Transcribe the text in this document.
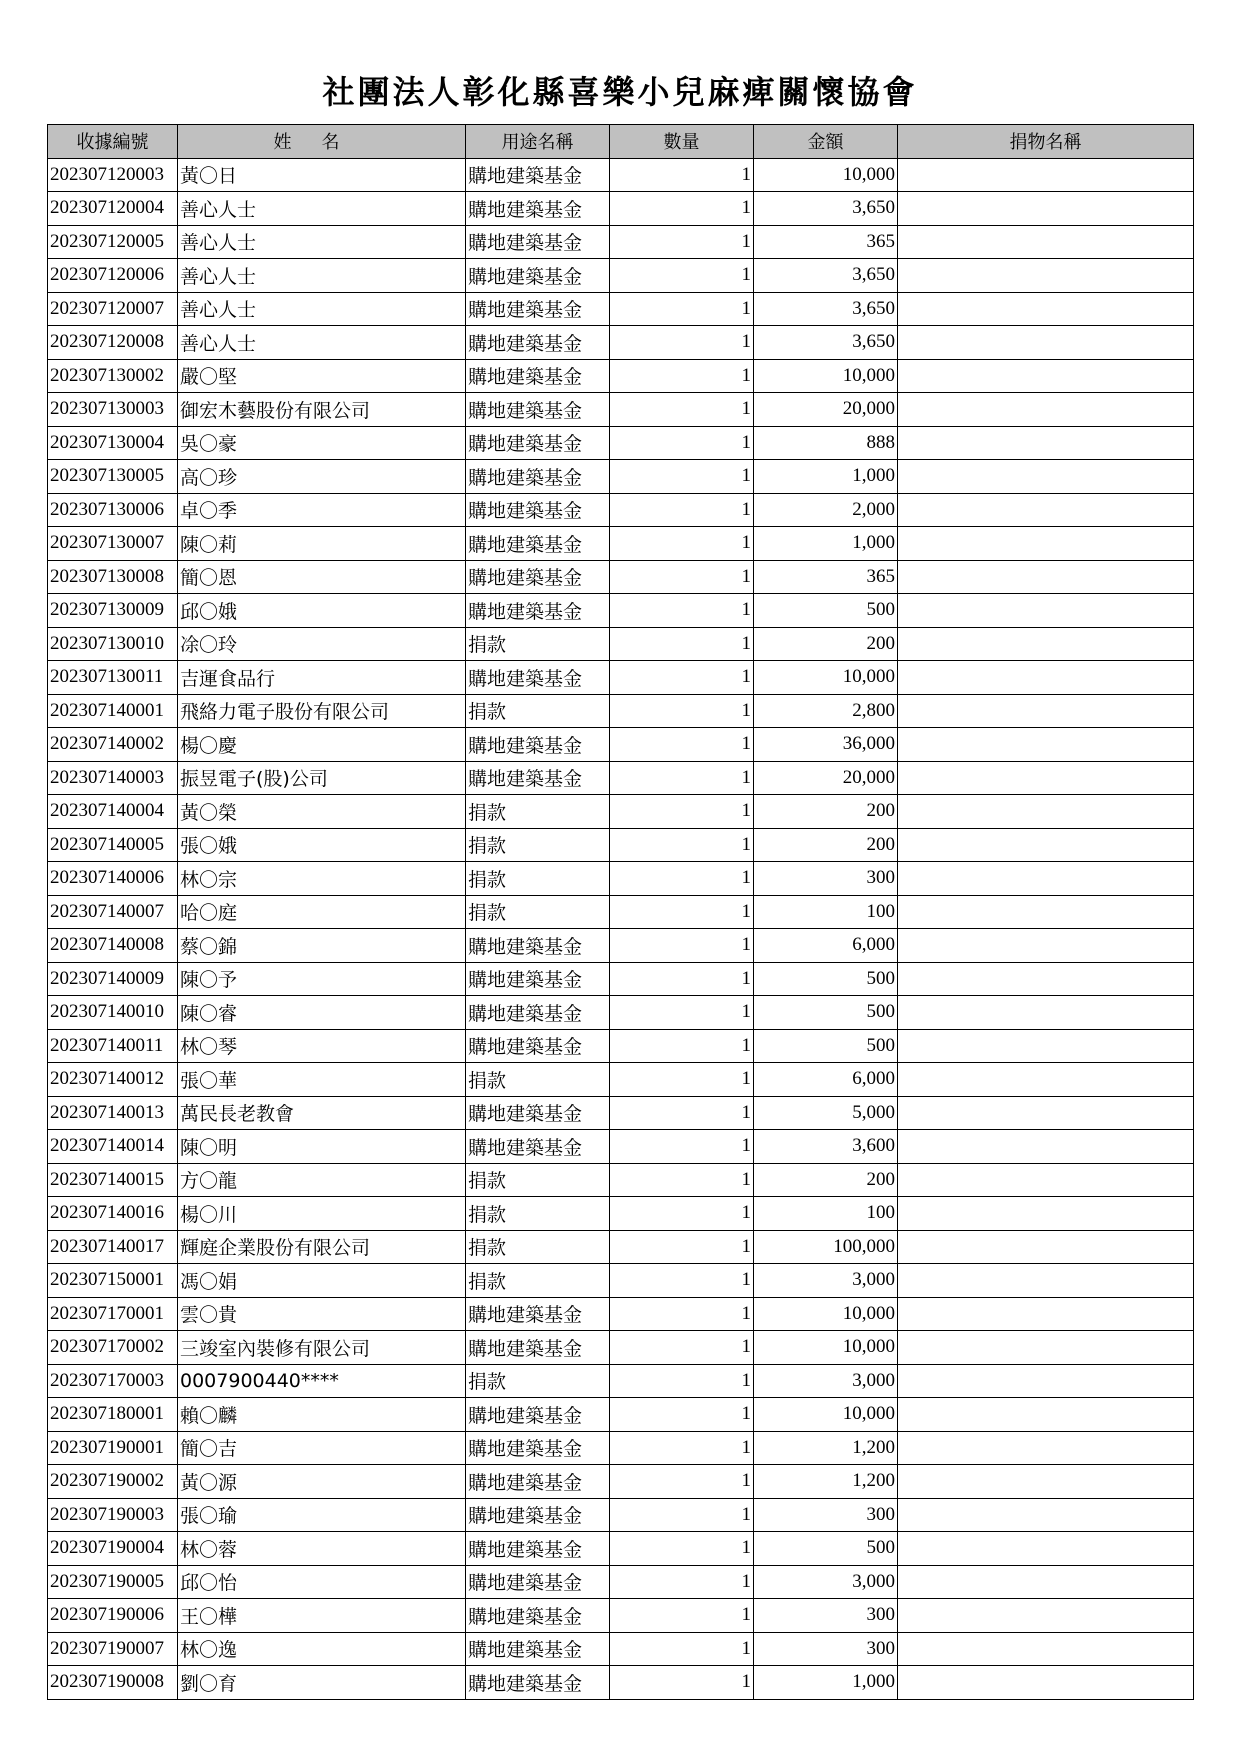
社團法人彰化縣喜樂小兒麻痺關懷協會
收據編號	姓名	用途名稱	數量	金額	捐物名稱
202307120003	黃〇日	購地建築基金	1	10,000	
202307120004	善心人士	購地建築基金	1	3,650	
202307120005	善心人士	購地建築基金	1	365	
202307120006	善心人士	購地建築基金	1	3,650	
202307120007	善心人士	購地建築基金	1	3,650	
202307120008	善心人士	購地建築基金	1	3,650	
202307130002	嚴〇堅	購地建築基金	1	10,000	
202307130003	御宏木藝股份有限公司	購地建築基金	1	20,000	
202307130004	吳〇豪	購地建築基金	1	888	
202307130005	高〇珍	購地建築基金	1	1,000	
202307130006	卓〇季	購地建築基金	1	2,000	
202307130007	陳〇莉	購地建築基金	1	1,000	
202307130008	簡〇恩	購地建築基金	1	365	
202307130009	邱〇娥	購地建築基金	1	500	
202307130010	凃〇玲	捐款	1	200	
202307130011	吉運食品行	購地建築基金	1	10,000	
202307140001	飛絡力電子股份有限公司	捐款	1	2,800	
202307140002	楊〇慶	購地建築基金	1	36,000	
202307140003	振昱電子(股)公司	購地建築基金	1	20,000	
202307140004	黃〇榮	捐款	1	200	
202307140005	張〇娥	捐款	1	200	
202307140006	林〇宗	捐款	1	300	
202307140007	哈〇庭	捐款	1	100	
202307140008	蔡〇錦	購地建築基金	1	6,000	
202307140009	陳〇予	購地建築基金	1	500	
202307140010	陳〇睿	購地建築基金	1	500	
202307140011	林〇琴	購地建築基金	1	500	
202307140012	張〇華	捐款	1	6,000	
202307140013	萬民長老教會	購地建築基金	1	5,000	
202307140014	陳〇明	購地建築基金	1	3,600	
202307140015	方〇龍	捐款	1	200	
202307140016	楊〇川	捐款	1	100	
202307140017	輝庭企業股份有限公司	捐款	1	100,000	
202307150001	馮〇娟	捐款	1	3,000	
202307170001	雲〇貴	購地建築基金	1	10,000	
202307170002	三竣室內裝修有限公司	購地建築基金	1	10,000	
202307170003	0007900440****	捐款	1	3,000	
202307180001	賴〇麟	購地建築基金	1	10,000	
202307190001	簡〇吉	購地建築基金	1	1,200	
202307190002	黃〇源	購地建築基金	1	1,200	
202307190003	張〇瑜	購地建築基金	1	300	
202307190004	林〇蓉	購地建築基金	1	500	
202307190005	邱〇怡	購地建築基金	1	3,000	
202307190006	王〇樺	購地建築基金	1	300	
202307190007	林〇逸	購地建築基金	1	300	
202307190008	劉〇育	購地建築基金	1	1,000	
